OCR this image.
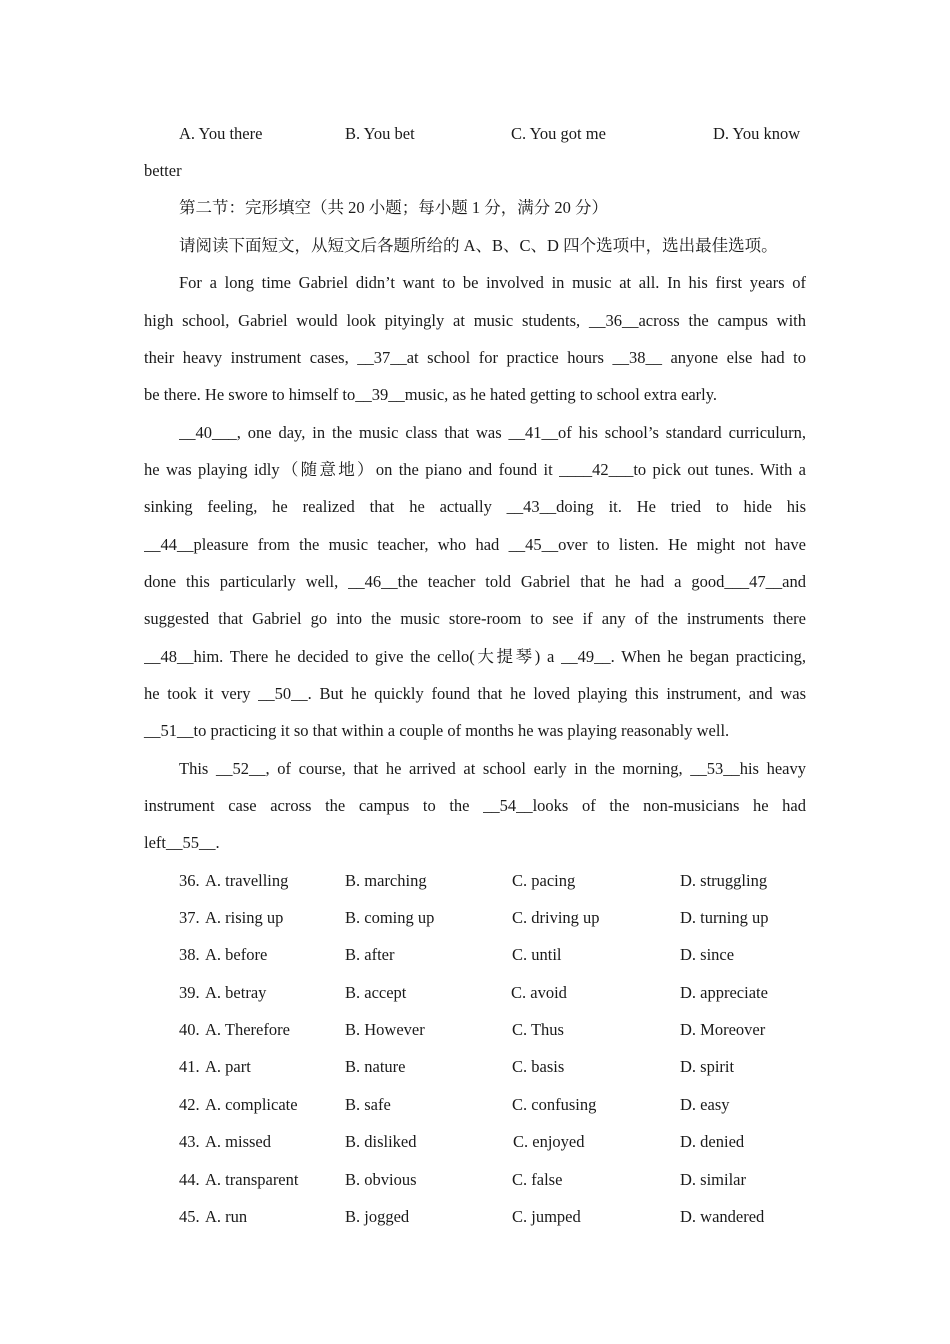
A. You there	B. You bet	C. You got me	D. You know
better
第二节：完形填空（共 20 小题；每小题 1 分，满分 20 分）
请阅读下面短文，从短文后各题所给的 A、B、C、D 四个选项中，选出最佳选项。
For a long time Gabriel didn’t want to be involved in music at all. In his first years of
high school, Gabriel would look pityingly at music students, __36__across the campus with
their heavy instrument cases, __37__at school for practice hours __38__ anyone else had to
be there. He swore to himself to__39__music, as he hated getting to school extra early.
__40___, one day, in the music class that was __41__of his school’s standard curriculurn,
he was playing idly（随意地）on the piano and found it ____42___to pick out tunes. With a
sinking feeling, he realized that he actually __43__doing it. He tried to hide his
__44__pleasure from the music teacher, who had __45__over to listen. He might not have
done this particularly well, __46__the teacher told Gabriel that he had a good___47__and
suggested that Gabriel go into the music store-room to see if any of the instruments there
__48__him. There he decided to give the cello(大提琴) a __49__. When he began practicing,
he took it very __50__. But he quickly found that he loved playing this instrument, and was
__51__to practicing it so that within a couple of months he was playing reasonably well.
This __52__, of course, that he arrived at school early in the morning, __53__his heavy
instrument case across the campus to the __54__looks of the non-musicians he had
left__55__.
36. A. travelling	B. marching	C. pacing	D. struggling
37. A. rising up	B. coming up	C. driving up	D. turning up
38. A. before	B. after	C. until	D. since
39. A. betray	B. accept	C. avoid	D. appreciate
40. A. Therefore	B. However	C. Thus	D. Moreover
41. A. part	B. nature	C. basis	D. spirit
42. A. complicate	B. safe	C. confusing	D. easy
43. A. missed	B. disliked	C. enjoyed	D. denied
44. A. transparent	B. obvious	C. false	D. similar
45. A. run	B. jogged	C. jumped	D. wandered
